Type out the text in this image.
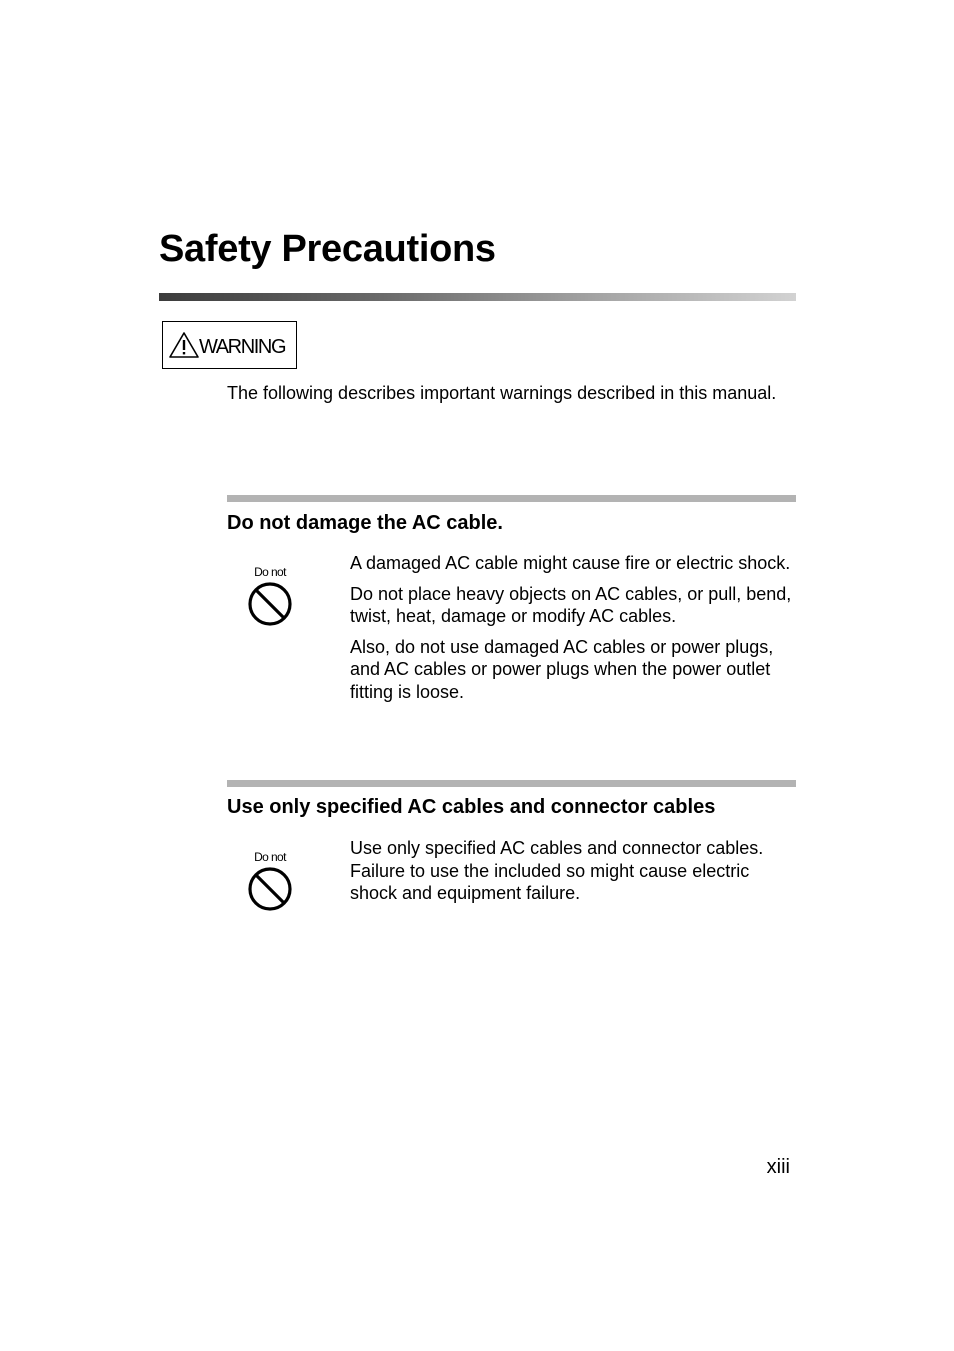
Safety Precautions
WARNING

The following describes important warnings described in this manual.

Do not damage the AC cable.
Do not	A damaged AC cable might cause fire or electric shock.

Do not place heavy objects on AC cables, or pull, bend, twist, heat, damage or modify AC cables.

Also, do not use damaged AC cables or power plugs, and AC cables or power plugs when the power outlet fitting is loose.

Use only specified AC cables and connector cables
Do not	Use only specified AC cables and connector cables. Failure to use the included so might cause electric shock and equipment failure.

xiii
